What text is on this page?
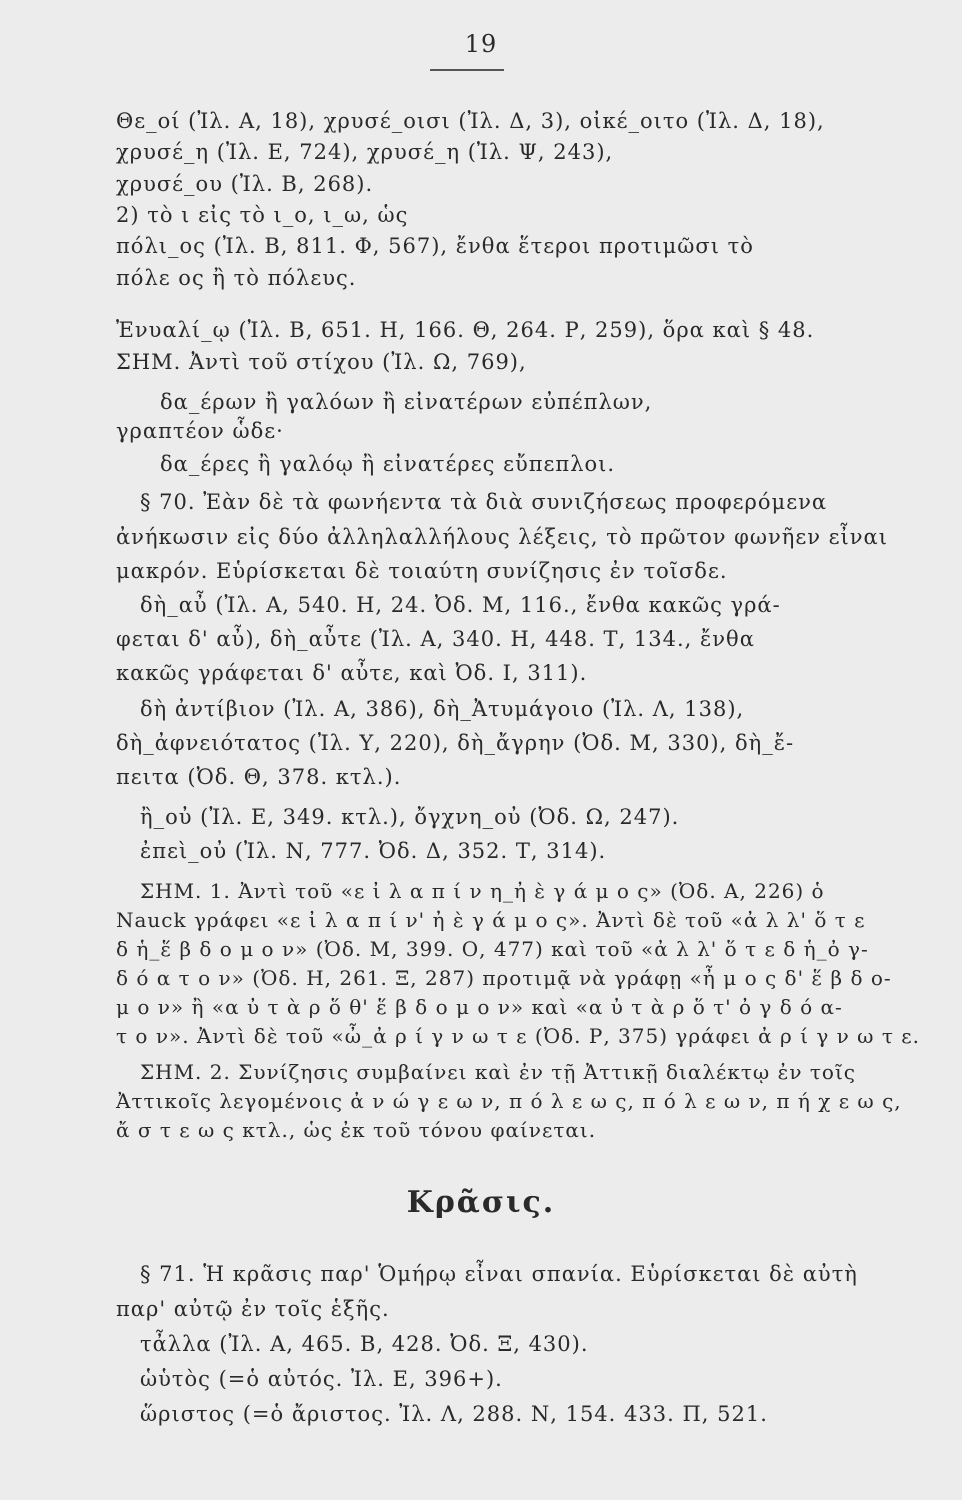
19
Θε_οί (Ἰλ. Α, 18), χρυσέ_οισι (Ἰλ. Δ, 3), οἰκέ_οιτο (Ἰλ. Δ, 18),
χρυσέ_η (Ἰλ. Ε, 724), χρυσέ_η (Ἰλ. Ψ, 243),
χρυσέ_ου (Ἰλ. Β, 268).
2) τὸ ι εἰς τὸ ι_ο, ι_ω, ὡς
πόλι_ος (Ἰλ. Β, 811. Φ, 567), ἔνθα ἕτεροι προτιμῶσι τὸ
πόλε ος ἢ τὸ πόλευς.
Ἐνυαλί_ῳ (Ἰλ. Β, 651. Η, 166. Θ, 264. Ρ, 259), ὅρα καὶ § 48.
ΣΗΜ. Ἀντὶ τοῦ στίχου (Ἰλ. Ω, 769),
δα_έρων ἢ γαλόων ἢ εἰνατέρων εὐπέπλων,
γραπτέον ὧδε·
δα_έρες ἢ γαλόῳ ἢ εἰνατέρες εὔπεπλοι.
§ 70. Ἐὰν δὲ τὰ φωνήεντα τὰ διὰ συνιζήσεως προφερόμενα
ἀνήκωσιν εἰς δύο ἀλληλαλλήλους λέξεις, τὸ πρῶτον φωνῆεν εἶναι
μακρόν. Εὑρίσκεται δὲ τοιαύτη συνίζησις ἐν τοῖσδε.
δὴ_αὖ (Ἰλ. Α, 540. Η, 24. Ὀδ. Μ, 116., ἔνθα κακῶς γρά-
φεται δ' αὖ), δὴ_αὖτε (Ἰλ. Α, 340. Η, 448. Τ, 134., ἔνθα
κακῶς γράφεται δ' αὖτε, καὶ Ὀδ. Ι, 311).
δὴ ἀντίβιον (Ἰλ. Α, 386), δὴ_Ἀτυμάγοιο (Ἰλ. Λ, 138),
δὴ_ἀφνειότατος (Ἰλ. Υ, 220), δὴ_ἄγρην (Ὀδ. Μ, 330), δὴ_ἔ-
πειτα (Ὀδ. Θ, 378. κτλ.).
ἢ_οὐ (Ἰλ. Ε, 349. κτλ.), ὄγχνη_οὐ (Ὀδ. Ω, 247).
ἐπεὶ_οὐ (Ἰλ. Ν, 777. Ὀδ. Δ, 352. Τ, 314).
ΣΗΜ. 1. Ἀντὶ τοῦ «ε ἰ λ α π ί ν η_ἠ ὲ γ ά μ ο ς» (Ὀδ. Α, 226) ὁ
Nauck γράφει «ε ἰ λ α π ί ν' ἠ ὲ γ ά μ ο ς». Ἀντὶ δὲ τοῦ «ἀ λ λ' ὅ τ ε
δ ἡ_ἕ β δ ο μ ο ν» (Ὀδ. Μ, 399. Ο, 477) καὶ τοῦ «ἀ λ λ' ὅ τ ε δ ἡ_ὀ γ-
δ ό α τ ο ν» (Ὀδ. Η, 261. Ξ, 287) προτιμᾷ νὰ γράφῃ «ἦ μ ο ς δ' ἕ β δ ο-
μ ο ν» ἢ «α ὐ τ ὰ ρ ὅ θ' ἕ β δ ο μ ο ν» καὶ «α ὐ τ ὰ ρ ὅ τ' ὀ γ δ ό α-
τ ο ν». Ἀντὶ δὲ τοῦ «ὦ_ἀ ρ ί γ ν ω τ ε (Ὀδ. Ρ, 375) γράφει ἀ ρ ί γ ν ω τ ε.
ΣΗΜ. 2. Συνίζησις συμβαίνει καὶ ἐν τῇ Ἀττικῇ διαλέκτῳ ἐν τοῖς
Ἀττικοῖς λεγομένοις ἀ ν ώ γ ε ω ν, π ό λ ε ω ς, π ό λ ε ω ν, π ή χ ε ω ς,
ἄ σ τ ε ω ς κτλ., ὡς ἐκ τοῦ τόνου φαίνεται.
Κρᾶσις.
§ 71. Ἡ κρᾶσις παρ' Ὁμήρῳ εἶναι σπανία. Εὑρίσκεται δὲ αὐτὴ
παρ' αὐτῷ ἐν τοῖς ἑξῆς.
τἆλλα (Ἰλ. Α, 465. Β, 428. Ὀδ. Ξ, 430).
ὡὑτὸς (=ὁ αὐτός. Ἰλ. Ε, 396+).
ὥριστος (=ὁ ἄριστος. Ἰλ. Λ, 288. Ν, 154. 433. Π, 521.
